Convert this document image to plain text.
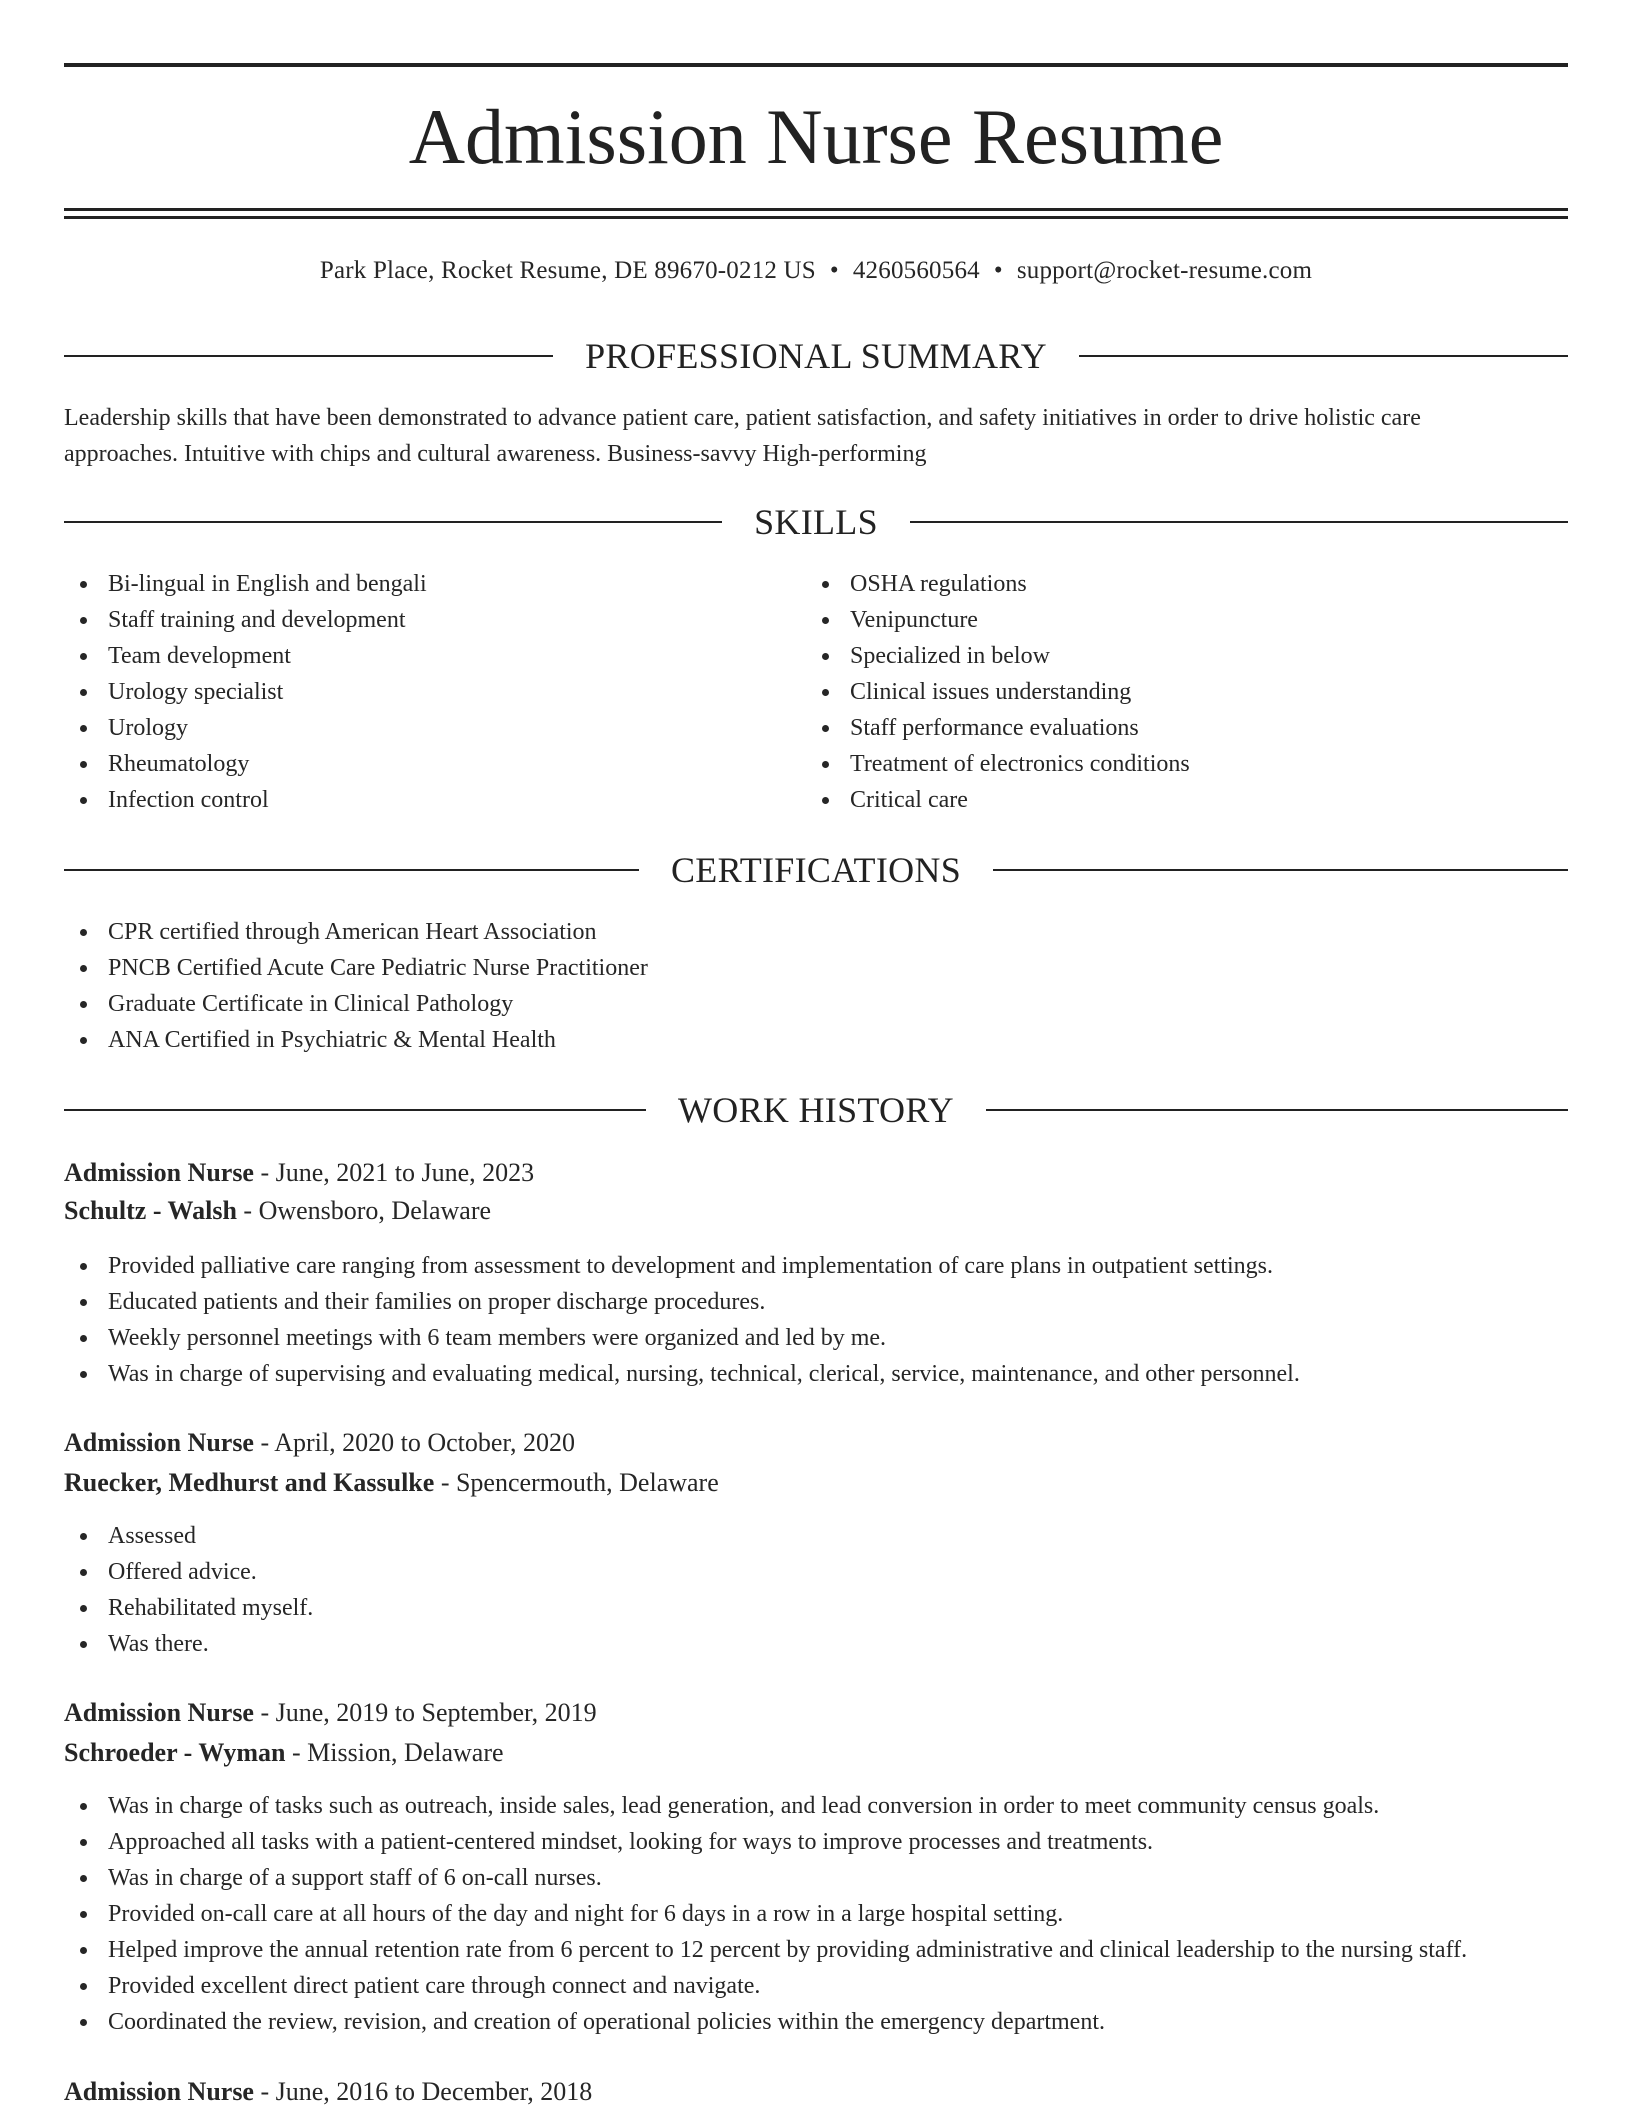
Admission Nurse Resume
Park Place, Rocket Resume, DE 89670-0212 US • 4260560564 • support@rocket-resume.com
PROFESSIONAL SUMMARY
Leadership skills that have been demonstrated to advance patient care, patient satisfaction, and safety initiatives in order to drive holistic care
approaches. Intuitive with chips and cultural awareness. Business-savvy High-performing
SKILLS
Bi-lingual in English and bengali
Staff training and development
Team development
Urology specialist
Urology
Rheumatology
Infection control
OSHA regulations
Venipuncture
Specialized in below
Clinical issues understanding
Staff performance evaluations
Treatment of electronics conditions
Critical care
CERTIFICATIONS
CPR certified through American Heart Association
PNCB Certified Acute Care Pediatric Nurse Practitioner
Graduate Certificate in Clinical Pathology
ANA Certified in Psychiatric & Mental Health
WORK HISTORY
Admission Nurse - June, 2021 to June, 2023
Schultz - Walsh - Owensboro, Delaware
Provided palliative care ranging from assessment to development and implementation of care plans in outpatient settings.
Educated patients and their families on proper discharge procedures.
Weekly personnel meetings with 6 team members were organized and led by me.
Was in charge of supervising and evaluating medical, nursing, technical, clerical, service, maintenance, and other personnel.
Admission Nurse - April, 2020 to October, 2020
Ruecker, Medhurst and Kassulke - Spencermouth, Delaware
Assessed
Offered advice.
Rehabilitated myself.
Was there.
Admission Nurse - June, 2019 to September, 2019
Schroeder - Wyman - Mission, Delaware
Was in charge of tasks such as outreach, inside sales, lead generation, and lead conversion in order to meet community census goals.
Approached all tasks with a patient-centered mindset, looking for ways to improve processes and treatments.
Was in charge of a support staff of 6 on-call nurses.
Provided on-call care at all hours of the day and night for 6 days in a row in a large hospital setting.
Helped improve the annual retention rate from 6 percent to 12 percent by providing administrative and clinical leadership to the nursing staff.
Provided excellent direct patient care through connect and navigate.
Coordinated the review, revision, and creation of operational policies within the emergency department.
Admission Nurse - June, 2016 to December, 2018
